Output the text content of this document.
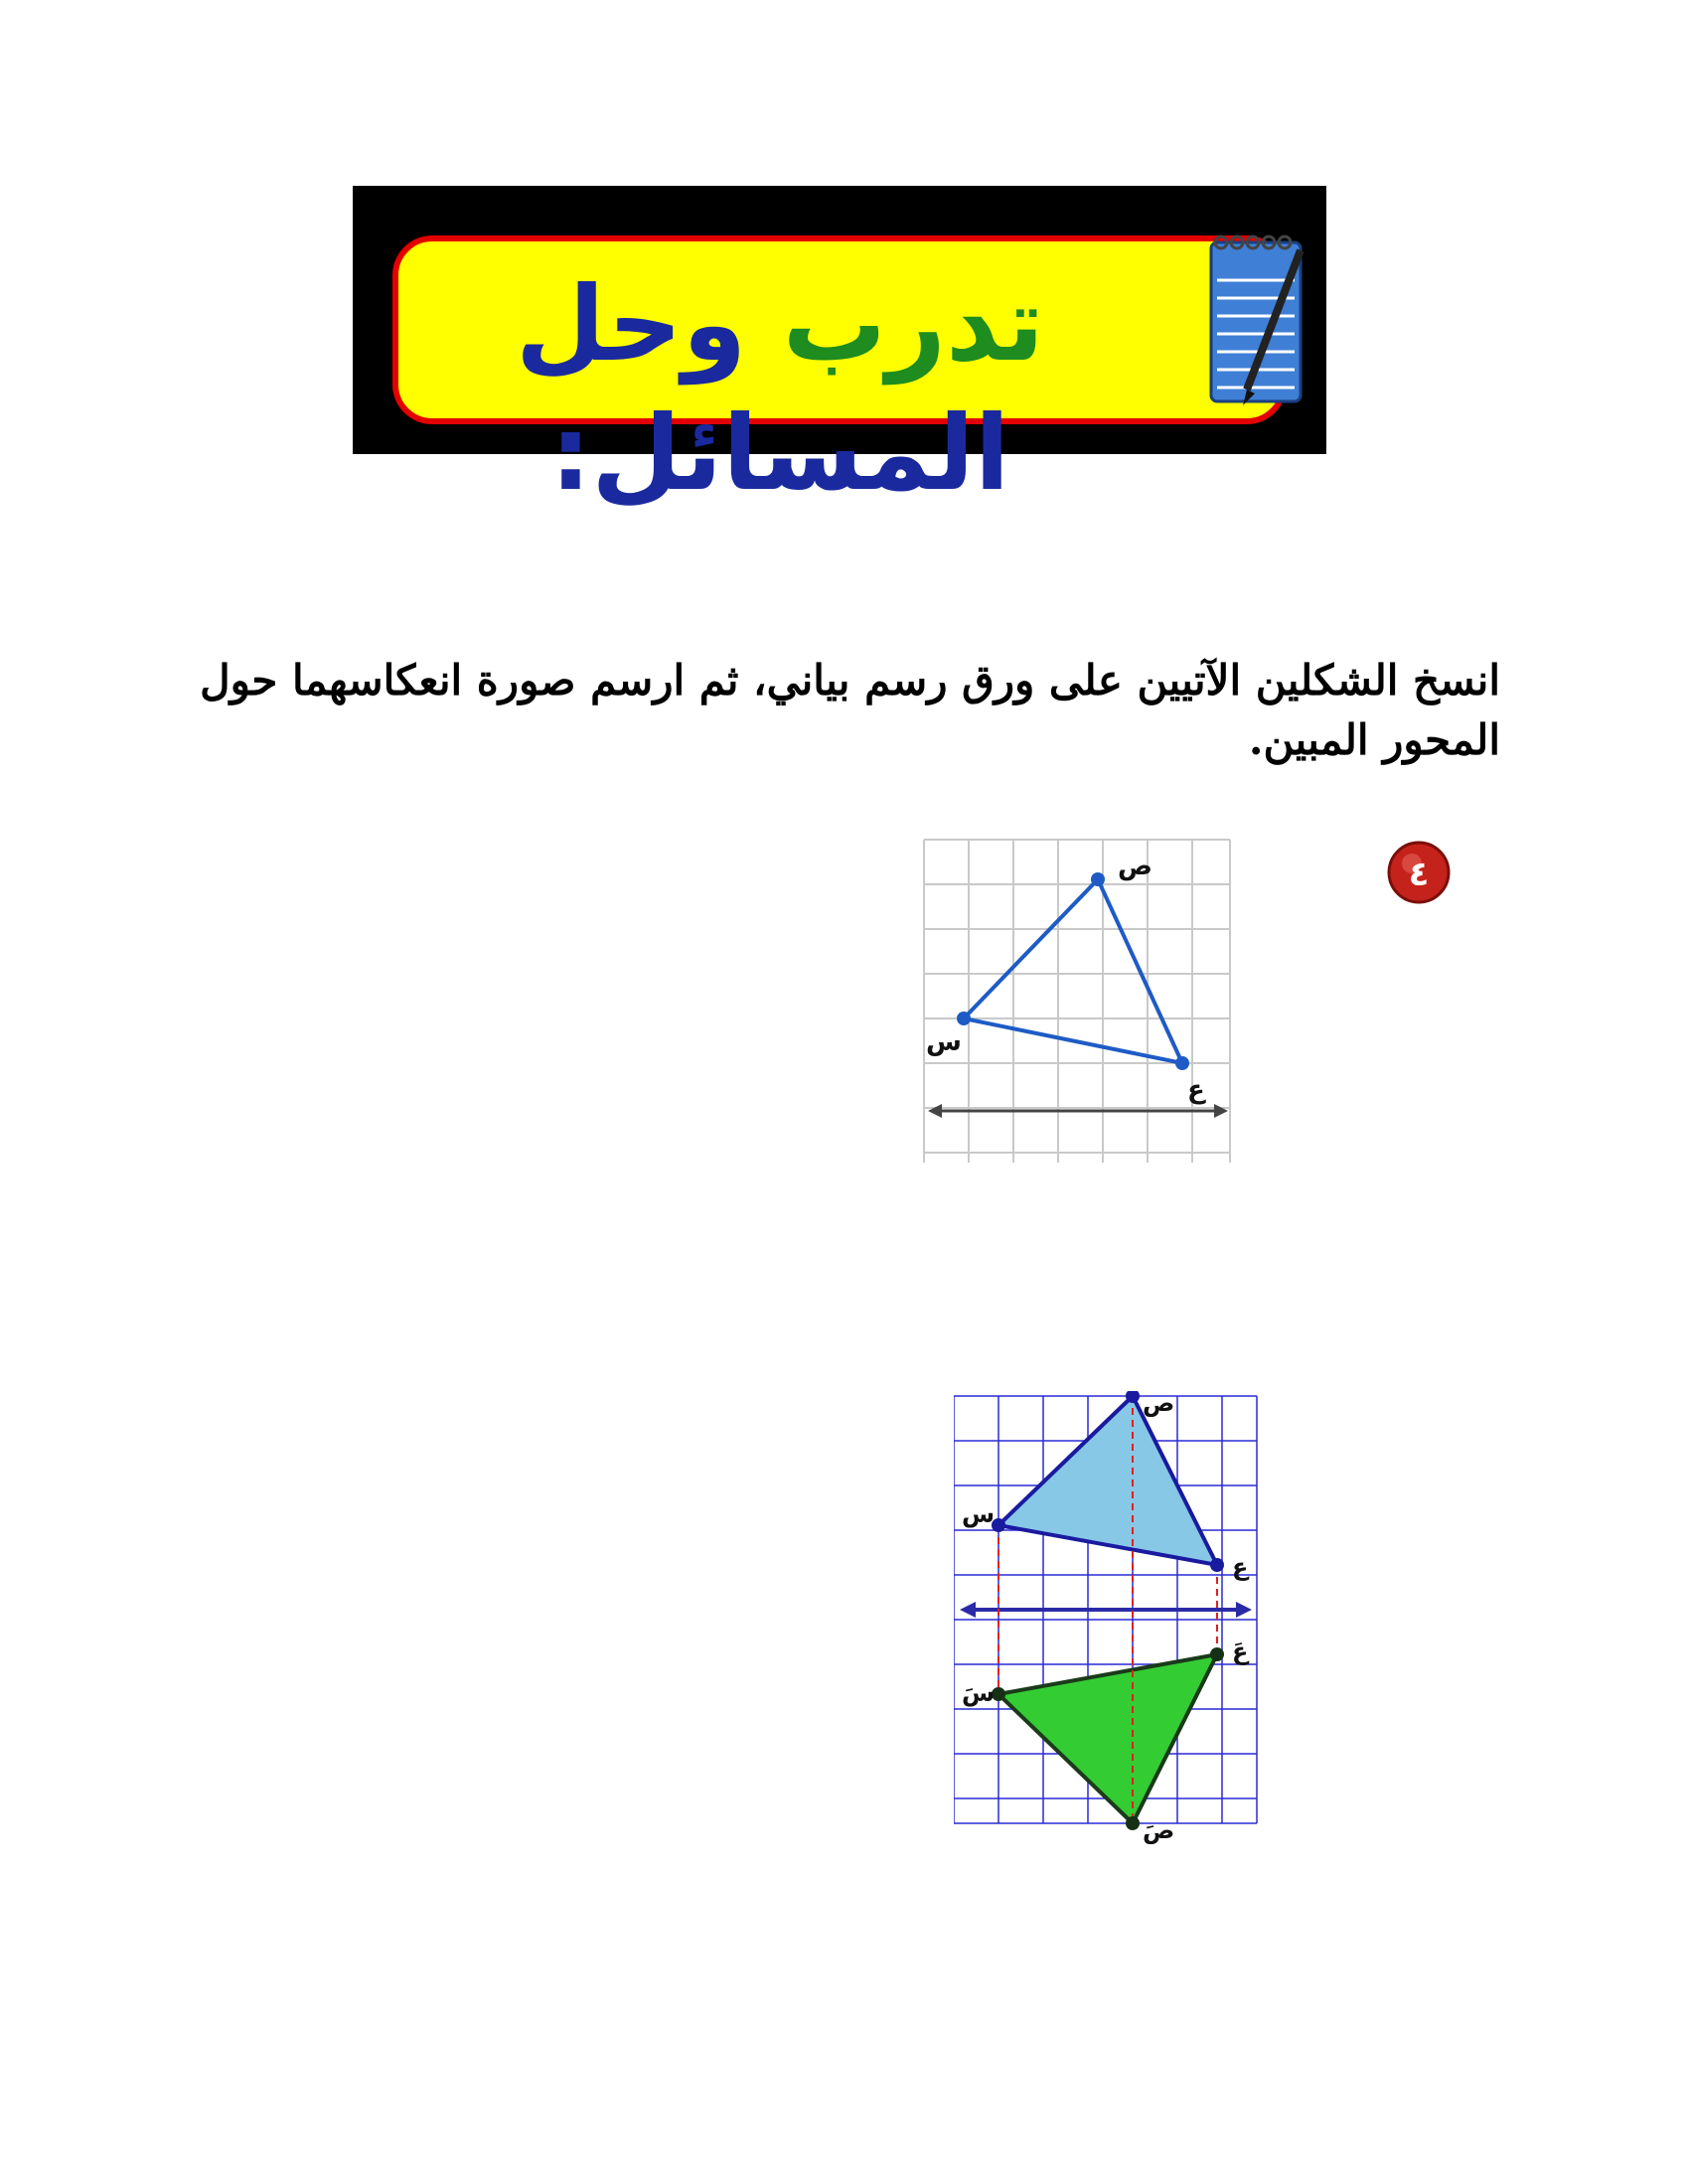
تدرب وحل المسائل:
انسخ الشكلين الآتيين على ورق رسم بياني، ثم ارسم صورة انعكاسهما حول المحور المبين.
٤
ص
س
ع
ص
س
ع
عَ
سَ
صَ
